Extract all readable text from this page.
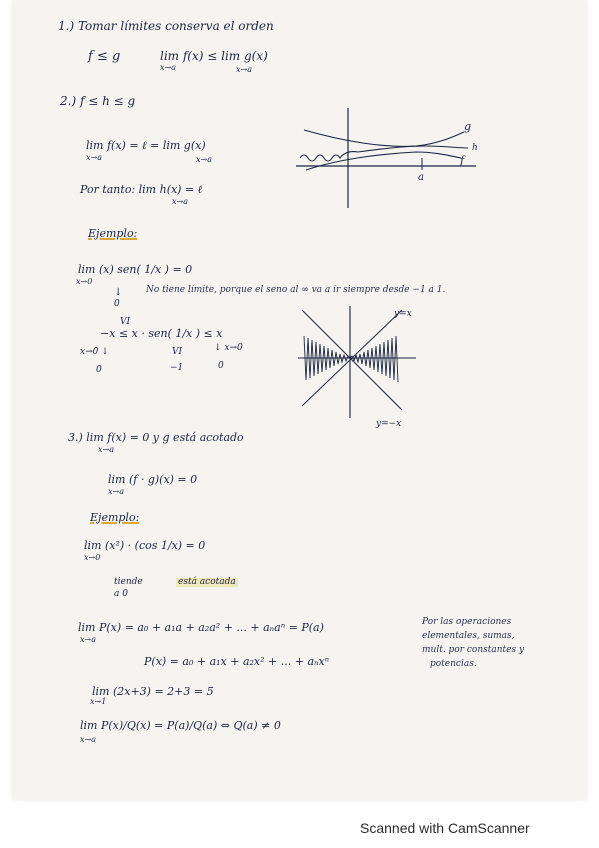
1.) Tomar límites conserva el orden
f ≤ g	lim f(x) ≤ lim g(x)
x→a	x→a
2.) f ≤ h ≤ g
lim f(x) = ℓ = lim g(x)
x→a	x→a
Por tanto: lim h(x) = ℓ
x→a
g
h
f
a
Ejemplo:
lim (x) sen( 1/x ) = 0
x→0
↓
0
No tiene límite, porque el seno al ∞ va a ir siempre desde −1 a 1.
VI
−x ≤ x · sen( 1/x ) ≤ x
x→0 ↓	VI	↓ x→0
0	−1	0
y=x
y=−x
3.) lim f(x) = 0 y g está acotado
x→a
lim (f · g)(x) = 0
x→a
Ejemplo:
lim (x²) · (cos 1/x) = 0
x→0
tiende
a 0
está acotada
lim P(x) = a₀ + a₁a + a₂a² + ... + aₙaⁿ = P(a)
x→a
Por las operaciones
elementales, sumas,
mult. por constantes y
potencias.
P(x) = a₀ + a₁x + a₂x² + ... + aₙxⁿ
lim (2x+3) = 2+3 = 5
x→1
lim P(x)/Q(x) = P(a)/Q(a) ⇔ Q(a) ≠ 0
x→a
Scanned with CamScanner
